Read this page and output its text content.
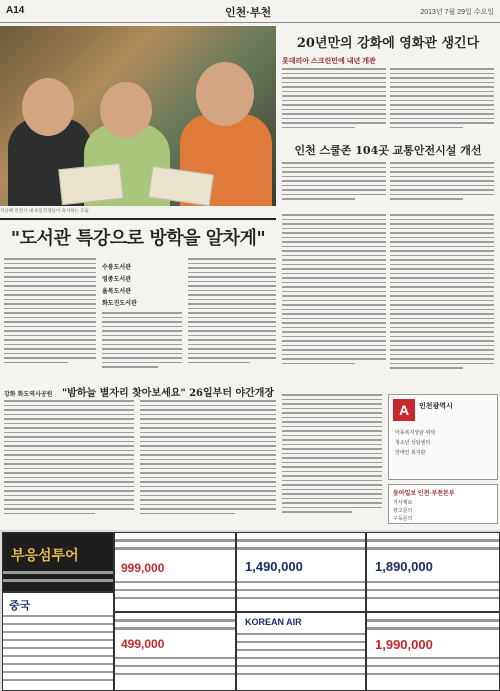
A14	인천·부천	2013년 7월 29일 수요일
지난해 인천시 내 초등학생들이 독서하는 모습
20년만의 강화에 영화관 생긴다
롯데리아 스크린민에 내년 개관
인천 스쿨존 104곳 교통안전시설 개선
"도서관 특강으로 방학을 알차게"
수봉도서관
영종도서관
율목도서관
화도진도서관
강화 화도역사공원 "밤하늘 별자리 찾아보세요" 26일부터 야간개장
A	인천광역시
아동복지상담·위탁
청소년 상담센터
장애인 복지관
동아일보 인천·부천본부
기사제보
광고문의
구독문의
부응섬투어
중국
999,000
499,000
1,490,000
KOREAN AIR
1,890,000
1,990,000
